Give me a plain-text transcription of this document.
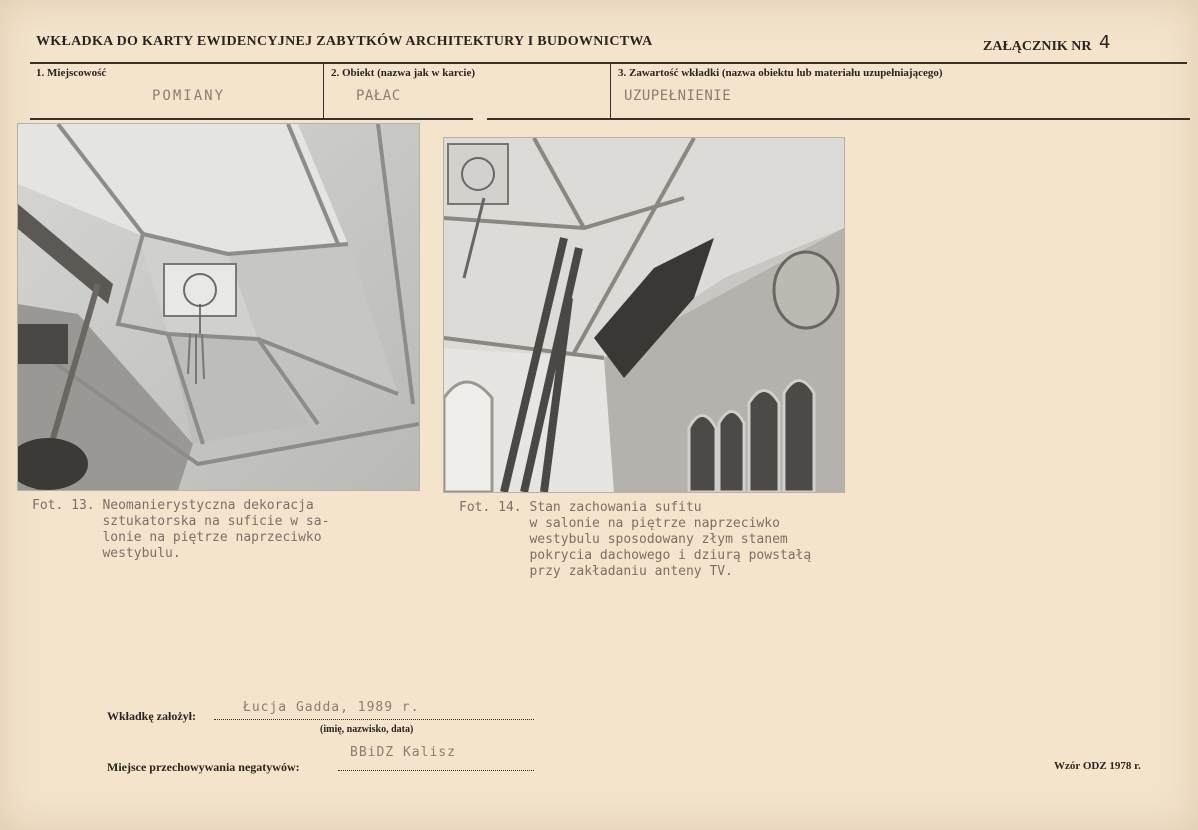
WKŁADKA DO KARTY EWIDENCYJNEJ ZABYTKÓW ARCHITEKTURY I BUDOWNICTWA	ZAŁĄCZNIK NR 4
1. Miejscowość
POMIANY
2. Obiekt (nazwa jak w karcie)
PAŁAC
3. Zawartość wkładki (nazwa obiektu lub materiału uzupełniającego)
UZUPEŁNIENIE
Fot. 13. Neomanierystyczna dekoracja
sztukatorska na suficie w sa-
lonie na piętrze naprzeciwko
westybulu.
Fot. 14. Stan zachowania sufitu
w salonie na piętrze naprzeciwko
westybulu sposodowany złym stanem
pokrycia dachowego i dziurą powstałą
przy zakładaniu anteny TV.
Wkładkę założył:
Łucja Gadda, 1989 r.
(imię, nazwisko, data)
Miejsce przechowywania negatywów:
BBiDZ Kalisz
Wzór ODZ 1978 r.
